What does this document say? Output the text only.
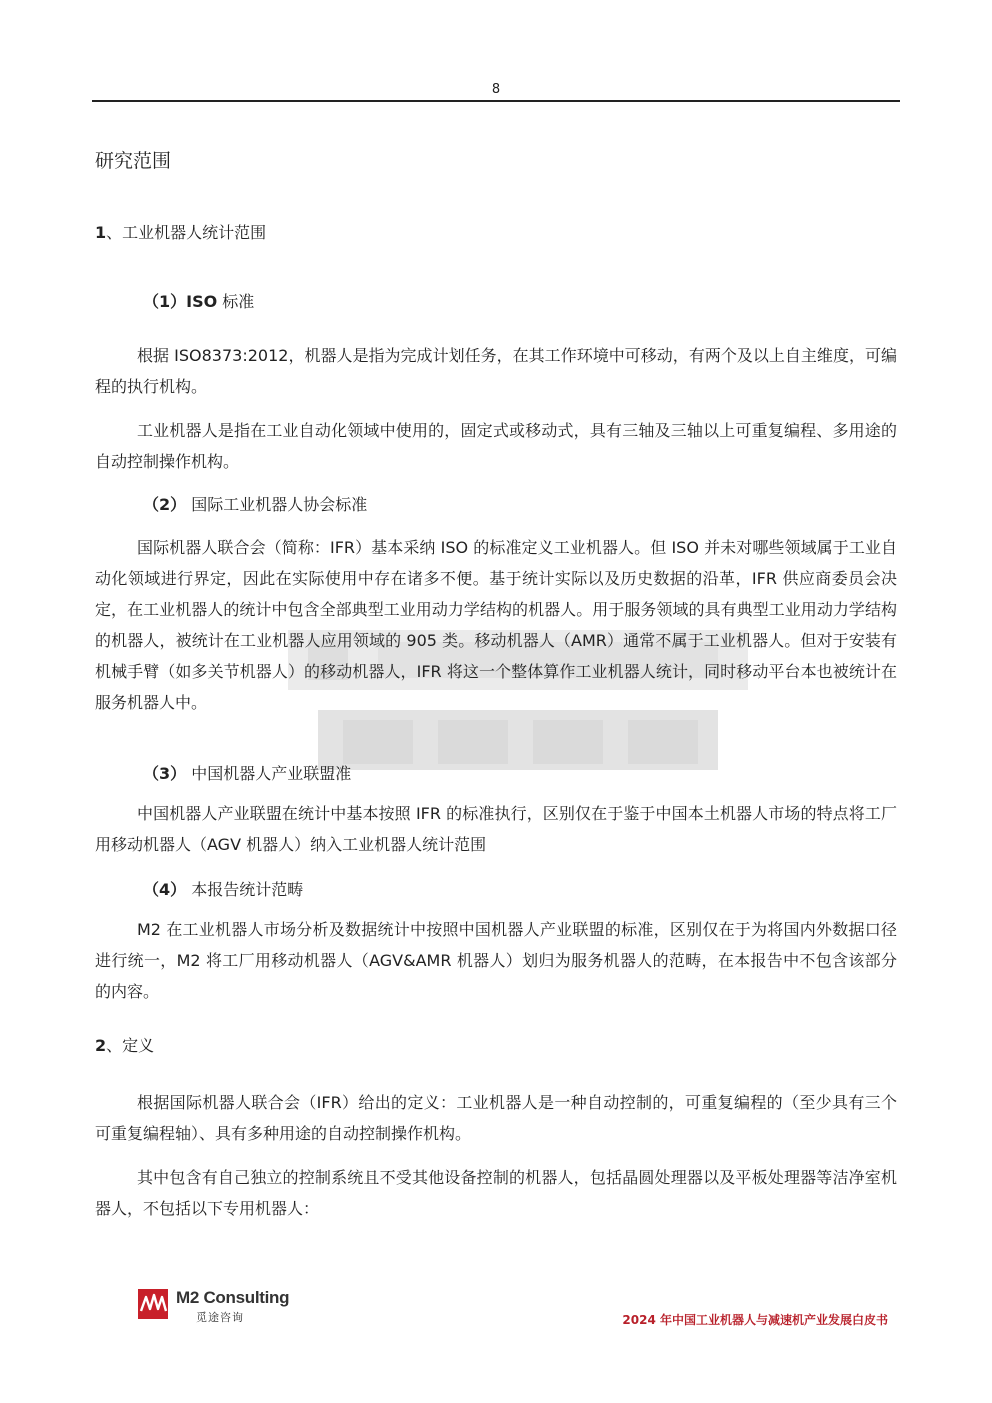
8
研究范围
1、工业机器人统计范围
（1）ISO 标准
根据 ISO8373:2012，机器人是指为完成计划任务，在其工作环境中可移动，有两个及以上自主维度，可编程的执行机构。
工业机器人是指在工业自动化领域中使用的，固定式或移动式，具有三轴及三轴以上可重复编程、多用途的自动控制操作机构。
（2） 国际工业机器人协会标准
国际机器人联合会（简称：IFR）基本采纳 ISO 的标准定义工业机器人。但 ISO 并未对哪些领域属于工业自动化领域进行界定，因此在实际使用中存在诸多不便。基于统计实际以及历史数据的沿革，IFR 供应商委员会决定，在工业机器人的统计中包含全部典型工业用动力学结构的机器人。用于服务领域的具有典型工业用动力学结构的机器人，被统计在工业机器人应用领域的 905 类。移动机器人（AMR）通常不属于工业机器人。但对于安装有机械手臂（如多关节机器人）的移动机器人，IFR 将这一个整体算作工业机器人统计，同时移动平台本也被统计在服务机器人中。
（3） 中国机器人产业联盟准
中国机器人产业联盟在统计中基本按照 IFR 的标准执行，区别仅在于鉴于中国本土机器人市场的特点将工厂用移动机器人（AGV 机器人）纳入工业机器人统计范围
（4） 本报告统计范畴
M2 在工业机器人市场分析及数据统计中按照中国机器人产业联盟的标准，区别仅在于为将国内外数据口径进行统一，M2 将工厂用移动机器人（AGV&AMR 机器人）划归为服务机器人的范畴，在本报告中不包含该部分的内容。
2、定义
根据国际机器人联合会（IFR）给出的定义：工业机器人是一种自动控制的，可重复编程的（至少具有三个可重复编程轴）、具有多种用途的自动控制操作机构。
其中包含有自己独立的控制系统且不受其他设备控制的机器人，包括晶圆处理器以及平板处理器等洁净室机器人，不包括以下专用机器人：
M2 Consulting
觅途咨询	2024 年中国工业机器人与减速机产业发展白皮书
